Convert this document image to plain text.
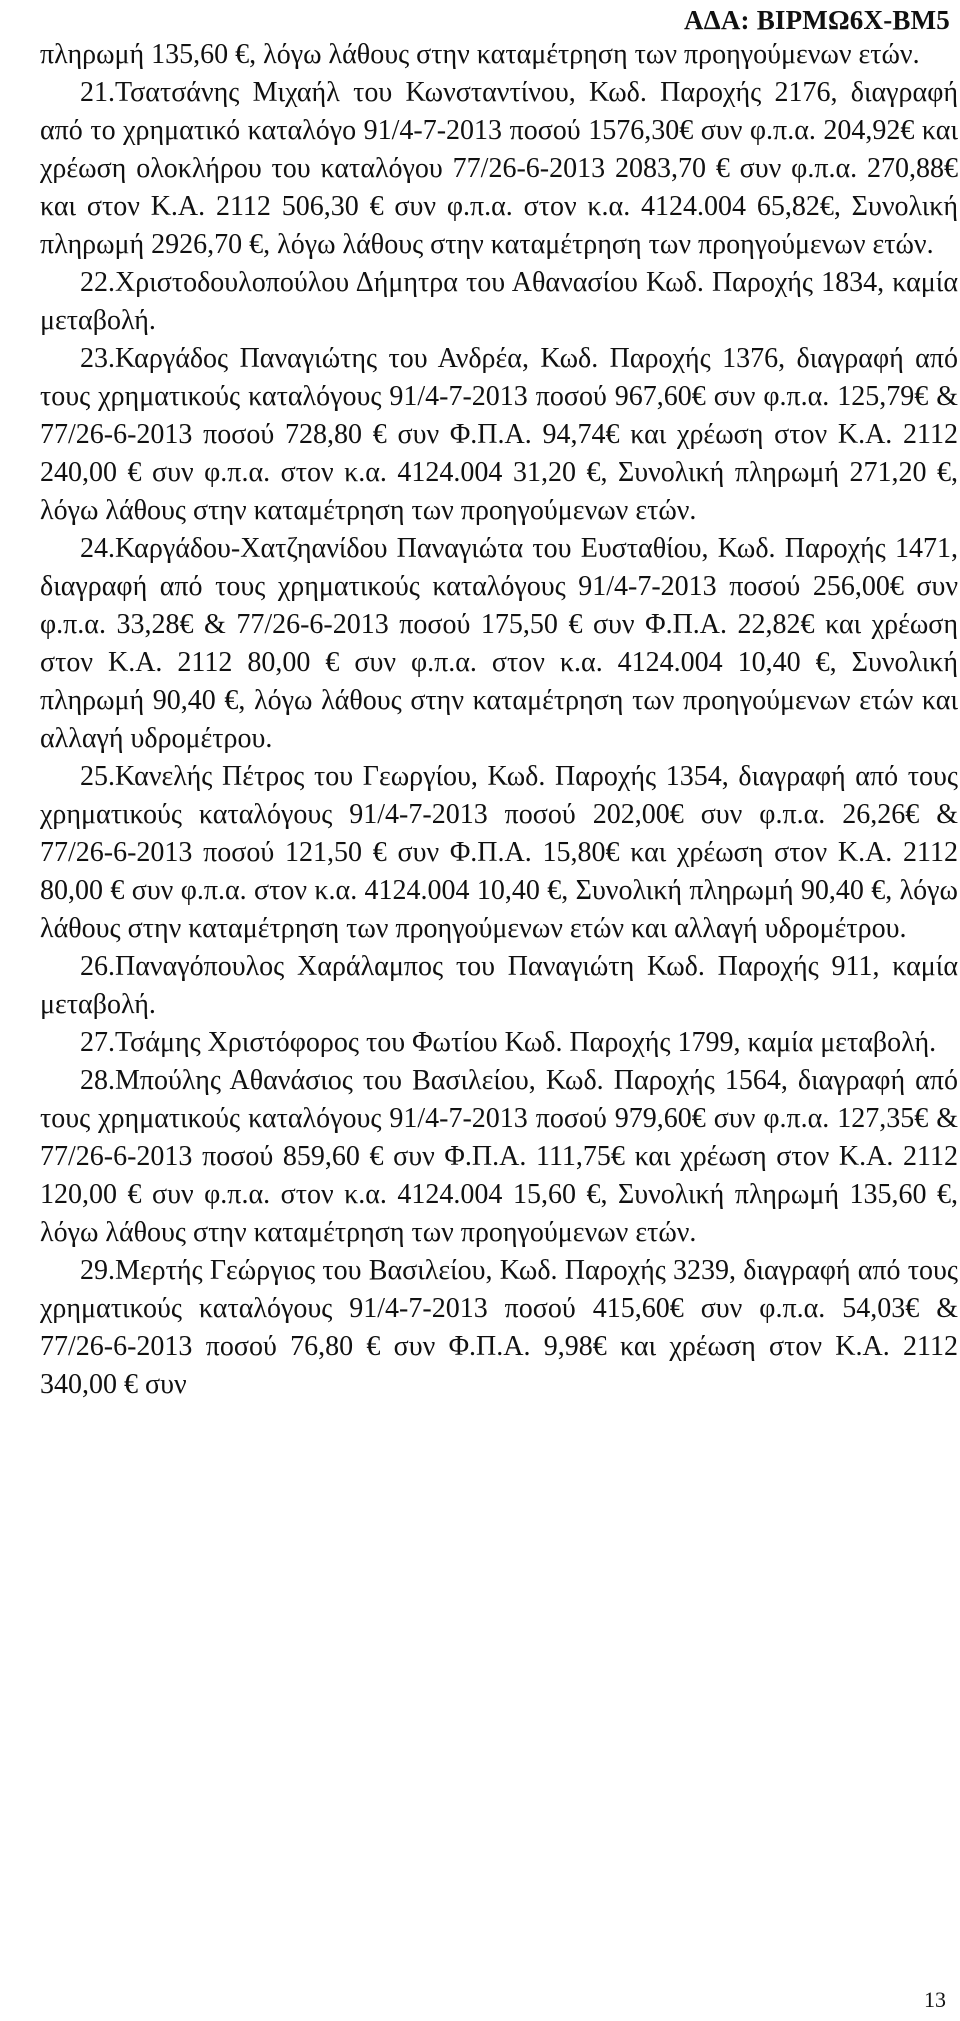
ΑΔΑ: ΒΙΡΜΩ6Χ-ΒΜ5

πληρωμή 135,60 €, λόγω λάθους στην καταμέτρηση των προηγούμενων ετών.

21.Τσατσάνης Μιχαήλ του Κωνσταντίνου, Κωδ. Παροχής 2176, διαγραφή από το χρηματικό καταλόγο 91/4-7-2013 ποσού 1576,30€ συν φ.π.α. 204,92€ και χρέωση ολοκλήρου του καταλόγου 77/26-6-2013 2083,70 € συν φ.π.α. 270,88€ και στον Κ.Α. 2112 506,30 € συν φ.π.α. στον κ.α. 4124.004 65,82€, Συνολική πληρωμή 2926,70 €, λόγω λάθους στην καταμέτρηση των προηγούμενων ετών.

22.Χριστοδουλοπούλου Δήμητρα του Αθανασίου Κωδ. Παροχής 1834, καμία μεταβολή.

23.Καργάδος Παναγιώτης του Ανδρέα, Κωδ. Παροχής 1376, διαγραφή από τους χρηματικούς καταλόγους 91/4-7-2013 ποσού 967,60€ συν φ.π.α. 125,79€ & 77/26-6-2013 ποσού 728,80 € συν Φ.Π.Α. 94,74€ και χρέωση στον Κ.Α. 2112 240,00 € συν φ.π.α. στον κ.α. 4124.004 31,20 €, Συνολική πληρωμή 271,20 €, λόγω λάθους στην καταμέτρηση των προηγούμενων ετών.

24.Καργάδου-Χατζηανίδου Παναγιώτα του Ευσταθίου, Κωδ. Παροχής 1471, διαγραφή από τους χρηματικούς καταλόγους 91/4-7-2013 ποσού 256,00€ συν φ.π.α. 33,28€ & 77/26-6-2013 ποσού 175,50 € συν Φ.Π.Α. 22,82€ και χρέωση στον Κ.Α. 2112 80,00 € συν φ.π.α. στον κ.α. 4124.004 10,40 €, Συνολική πληρωμή 90,40 €, λόγω λάθους στην καταμέτρηση των προηγούμενων ετών και αλλαγή υδρομέτρου.

25.Κανελής Πέτρος του Γεωργίου, Κωδ. Παροχής 1354, διαγραφή από τους χρηματικούς καταλόγους 91/4-7-2013 ποσού 202,00€ συν φ.π.α. 26,26€ & 77/26-6-2013 ποσού 121,50 € συν Φ.Π.Α. 15,80€ και χρέωση στον Κ.Α. 2112 80,00 € συν φ.π.α. στον κ.α. 4124.004 10,40 €, Συνολική πληρωμή 90,40 €, λόγω λάθους στην καταμέτρηση των προηγούμενων ετών και αλλαγή υδρομέτρου.

26.Παναγόπουλος Χαράλαμπος του Παναγιώτη Κωδ. Παροχής 911, καμία μεταβολή.

27.Τσάμης Χριστόφορος του Φωτίου Κωδ. Παροχής 1799, καμία μεταβολή.

28.Μπούλης Αθανάσιος του Βασιλείου, Κωδ. Παροχής 1564, διαγραφή από τους χρηματικούς καταλόγους 91/4-7-2013 ποσού 979,60€ συν φ.π.α. 127,35€ & 77/26-6-2013 ποσού 859,60 € συν Φ.Π.Α. 111,75€ και χρέωση στον Κ.Α. 2112 120,00 € συν φ.π.α. στον κ.α. 4124.004 15,60 €, Συνολική πληρωμή 135,60 €, λόγω λάθους στην καταμέτρηση των προηγούμενων ετών.

29.Μερτής Γεώργιος του Βασιλείου, Κωδ. Παροχής 3239, διαγραφή από τους χρηματικούς καταλόγους 91/4-7-2013 ποσού 415,60€ συν φ.π.α. 54,03€ & 77/26-6-2013 ποσού 76,80 € συν Φ.Π.Α. 9,98€ και χρέωση στον Κ.Α. 2112 340,00 € συν

13
